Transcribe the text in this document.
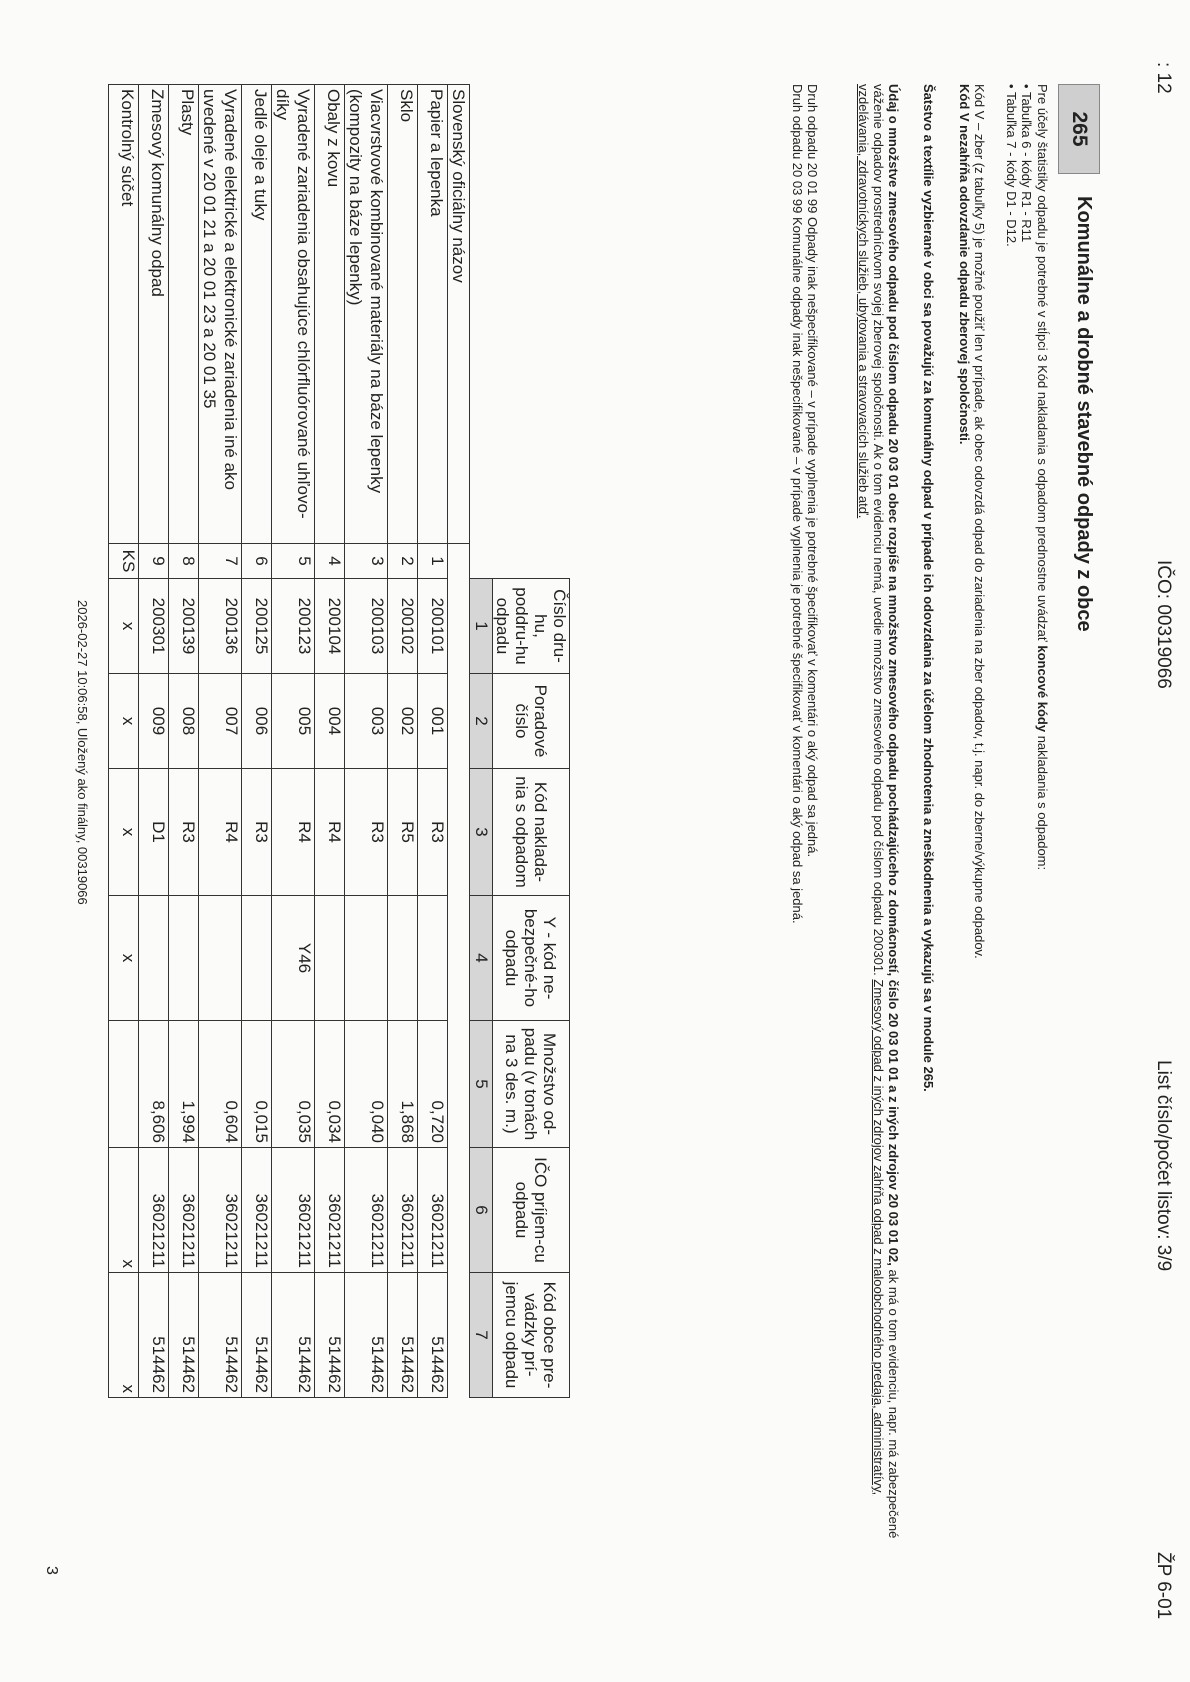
: 12
IČO: 00319066
List číslo/počet listov: 3/9
ŽP 6-01
265
Komunálne a drobné stavebné odpady z obce
Pre účely štatistiky odpadu je potrebné v stĺpci 3 Kód nakladania s odpadom prednostne uvádzať koncové kódy nakladania s odpadom:
• Tabuľka 6 - kódy R1 - R11
• Tabuľka 7 - kódy D1 - D12.
Kód V – zber (z tabuľky 5) je možné použiť len v prípade, ak obec odovzdá odpad do zariadenia na zber odpadov, t.j. napr. do zberne/výkupne odpadov.
Kód V nezahŕňa odovzdanie odpadu zberovej spoločnosti.
Šatstvo a textílie vyzbierané v obci sa považujú za komunálny odpad v prípade ich odovzdania za účelom zhodnotenia a zneškodnenia a vykazujú sa v module 265.
Údaj o množstve zmesového odpadu pod číslom odpadu 20 03 01 obec rozpíše na množstvo zmesového odpadu pochádzajúceho z domácností, číslo 20 03 01 01 a z iných zdrojov 20 03 01 02, ak má o tom evidenciu, napr. má zabezpečené váženie odpadov prostredníctvom svojej zberovej spoločnosti. Ak o tom evidenciu nemá, uvedie množstvo zmesového odpadu pod číslom odpadu 200301. Zmesový odpad z iných zdrojov zahŕňa odpad z maloobchodného predaja, administratívy, vzdelávania, zdravotníckych služieb, ubytovania a stravovacích služieb atď.
Druh odpadu 20 01 99 Odpady inak nešpecifikované – v prípade vyplnenia je potrebné špecifikovať v komentári o aký odpad sa jedná.
Druh odpadu 20 03 99 Komunálne odpady inak nešpecifikované – v prípade vyplnenia je potrebné špecifikovať v komentári o aký odpad sa jedná.
		Číslo dru-hu, poddru-hu odpadu	Poradové číslo	Kód naklada-nia s odpadom	Y - kód ne-bezpečné-ho odpadu	Množstvo od-padu (v tonách na 3 des. m.)	IČO príjem-cu odpadu	Kód obce pre-vádzky prí-jemcu odpadu
		1	2	3	4	5	6	7
Slovenský oficiálny názov								
Papier a lepenka	1	200101	001	R3		0,720	36021211	514462
Sklo	2	200102	002	R5		1,868	36021211	514462
Viacvrstvové kombinované materiály na báze lepenky (kompozity na báze lepenky)	3	200103	003	R3		0,040	36021211	514462
Obaly z kovu	4	200104	004	R4		0,034	36021211	514462
Vyradené zariadenia obsahujúce chlórfluórované uhľovo-díky	5	200123	005	R4	Y46	0,035	36021211	514462
Jedlé oleje a tuky	6	200125	006	R3		0,015	36021211	514462
Vyradené elektrické a elektronické zariadenia iné ako uvedené v 20 01 21 a 20 01 23 a 20 01 35	7	200136	007	R4		0,604	36021211	514462
Plasty	8	200139	008	R3		1,994	36021211	514462
Zmesový komunálny odpad	9	200301	009	D1		8,606	36021211	514462
Kontrolný súčet	KS	x	x	x	x		x	x
2026-02-27 10:06:58, Uložený ako finálny, 00319066
3
